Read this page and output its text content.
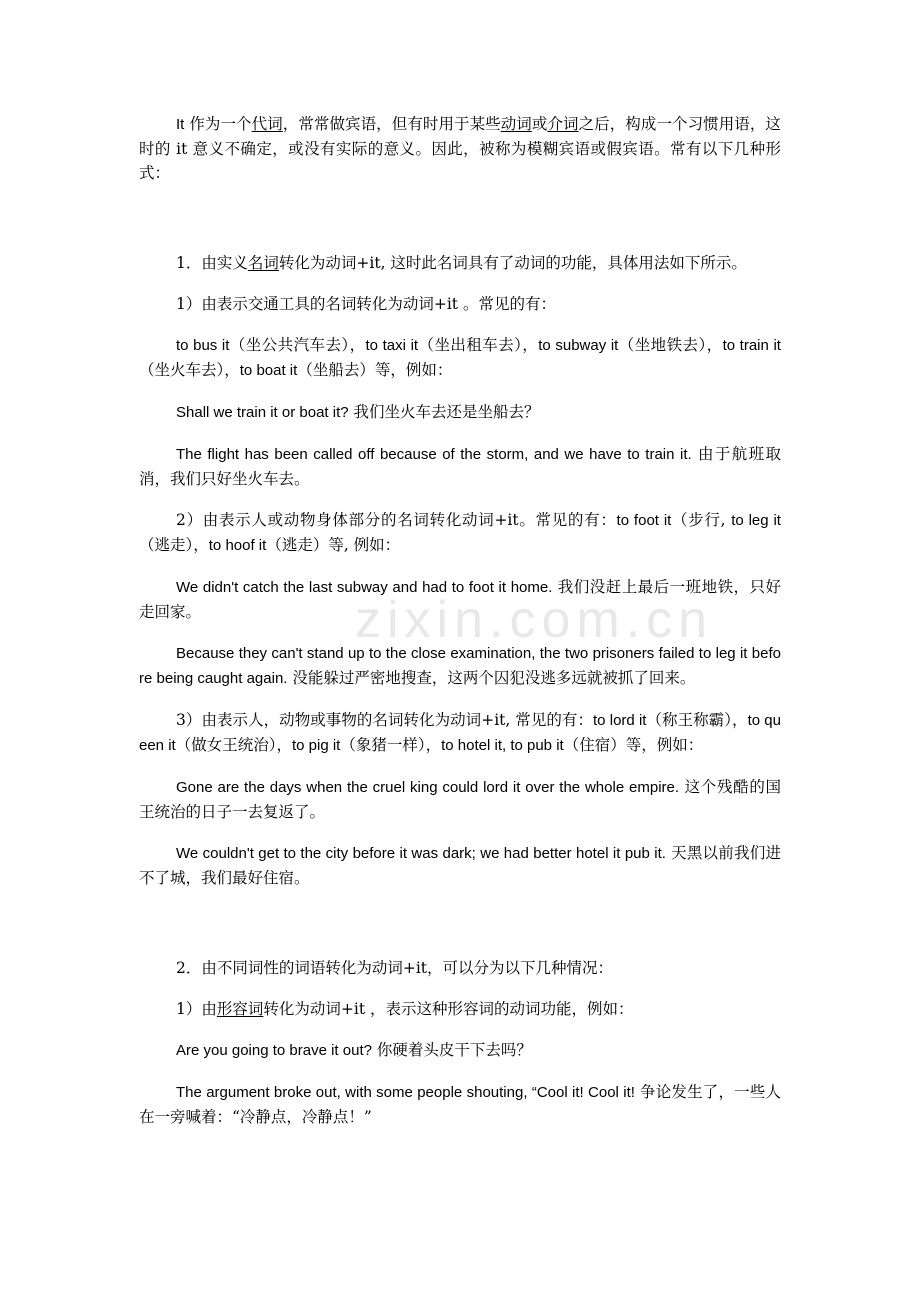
zixin.com.cn

It 作为一个代词，常常做宾语，但有时用于某些动词或介词之后，构成一个习惯用语，这时的 it 意义不确定，或没有实际的意义。因此，被称为模糊宾语或假宾语。常有以下几种形式：

1．由实义名词转化为动词+it, 这时此名词具有了动词的功能，具体用法如下所示。

1）由表示交通工具的名词转化为动词+it 。常见的有：

to bus it（坐公共汽车去），to taxi it（坐出租车去），to subway it（坐地铁去），to train it（坐火车去），to boat it（坐船去）等，例如：

Shall we train it or boat it? 我们坐火车去还是坐船去？

The flight has been called off because of the storm, and we have to train it. 由于航班取消，我们只好坐火车去。

2）由表示人或动物身体部分的名词转化动词+it。常见的有：to foot it（步行, to leg it（逃走），to hoof it（逃走）等, 例如：

We didn't catch the last subway and had to foot it home. 我们没赶上最后一班地铁，只好走回家。

Because they can't stand up to the close examination, the two prisoners failed to leg it before being caught again. 没能躲过严密地搜查，这两个囚犯没逃多远就被抓了回来。

3）由表示人，动物或事物的名词转化为动词+it, 常见的有：to lord it（称王称霸），to queen it（做女王统治），to pig it（象猪一样），to hotel it, to pub it（住宿）等，例如：

Gone are the days when the cruel king could lord it over the whole empire. 这个残酷的国王统治的日子一去复返了。

We couldn't get to the city before it was dark; we had better hotel it pub it. 天黑以前我们进不了城，我们最好住宿。

2．由不同词性的词语转化为动词+it，可以分为以下几种情况：

1）由形容词转化为动词+it ，表示这种形容词的动词功能，例如：

Are you going to brave it out? 你硬着头皮干下去吗？

The argument broke out, with some people shouting, “Cool it! Cool it! 争论发生了，一些人在一旁喊着：“冷静点，冷静点！”
